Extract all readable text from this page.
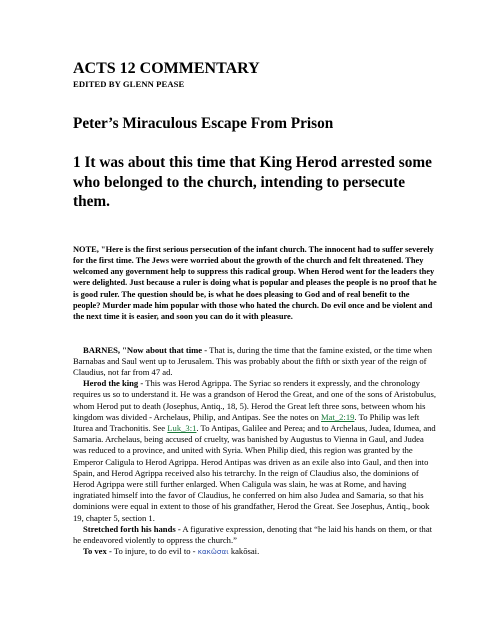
ACTS 12 COMMENTARY
EDITED BY GLENN PEASE
Peter’s Miraculous Escape From Prison

1 It was about this time that King Herod arrested some who belonged to the church, intending to persecute them.

NOTE, "Here is the first serious persecution of the infant church. The innocent had to suffer severely for the first time. The Jews were worried about the growth of the church and felt threatened. They welcomed any government help to suppress this radical group. When Herod went for the leaders they were delighted. Just because a ruler is doing what is popular and pleases the people is no proof that he is good ruler. The question should be, is what he does pleasing to God and of real benefit to the people? Murder made him popular with those who hated the church. Do evil once and be violent and the next time it is easier, and soon you can do it with pleasure.

BARNES, "Now about that time - That is, during the time that the famine existed, or the time when Barnabas and Saul went up to Jerusalem. This was probably about the fifth or sixth year of the reign of Claudius, not far from 47 ad.

Herod the king - This was Herod Agrippa. The Syriac so renders it expressly, and the chronology requires us so to understand it. He was a grandson of Herod the Great, and one of the sons of Aristobulus, whom Herod put to death (Josephus, Antiq., 18, 5). Herod the Great left three sons, between whom his kingdom was divided - Archelaus, Philip, and Antipas. See the notes on Mat_2:19. To Philip was left Iturea and Trachonitis. See Luk_3:1. To Antipas, Galilee and Perea; and to Archelaus, Judea, Idumea, and Samaria. Archelaus, being accused of cruelty, was banished by Augustus to Vienna in Gaul, and Judea was reduced to a province, and united with Syria. When Philip died, this region was granted by the Emperor Caligula to Herod Agrippa. Herod Antipas was driven as an exile also into Gaul, and then into Spain, and Herod Agrippa received also his tetrarchy. In the reign of Claudius also, the dominions of Herod Agrippa were still further enlarged. When Caligula was slain, he was at Rome, and having ingratiated himself into the favor of Claudius, he conferred on him also Judea and Samaria, so that his dominions were equal in extent to those of his grandfather, Herod the Great. See Josephus, Antiq., book 19, chapter 5, section 1.

Stretched forth his hands - A figurative expression, denoting that “he laid his hands on them, or that he endeavored violently to oppress the church.”

To vex - To injure, to do evil to - κακῶσαι kakōsai.
